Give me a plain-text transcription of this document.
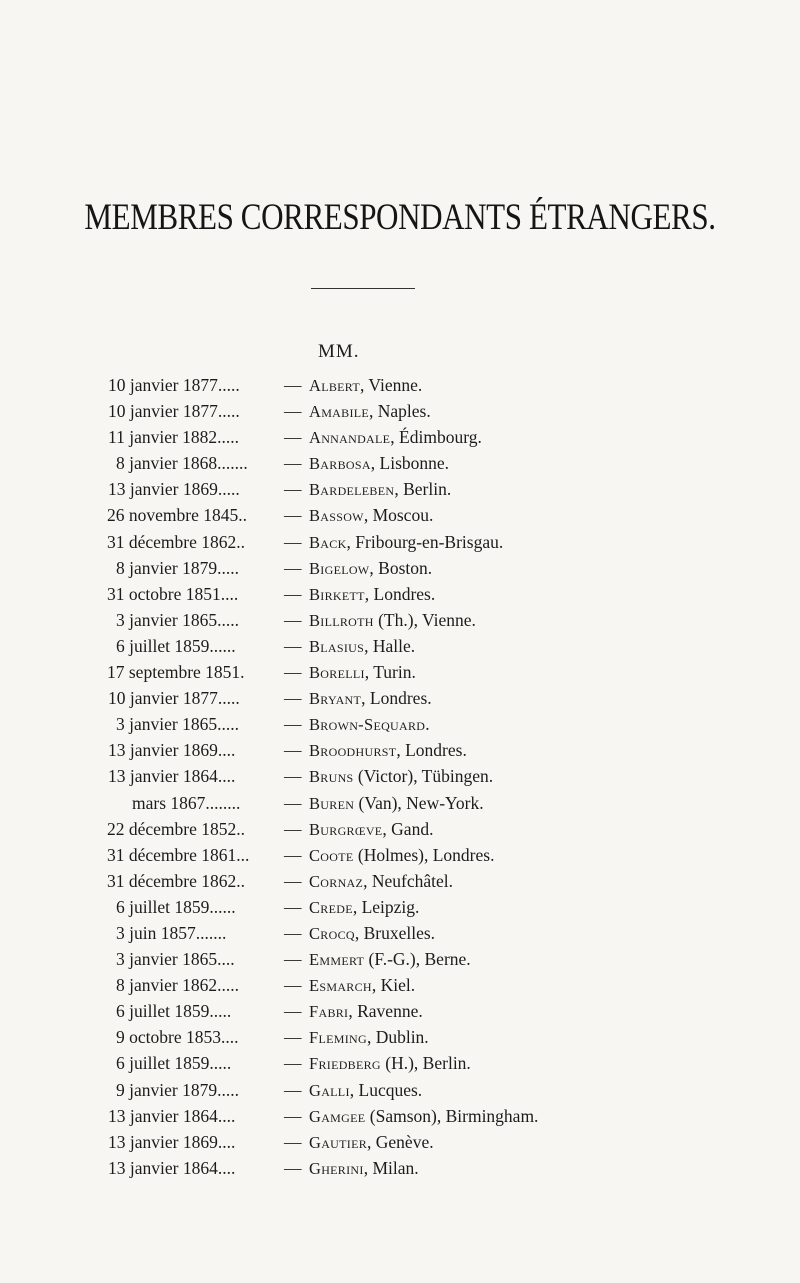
MEMBRES CORRESPONDANTS ÉTRANGERS.
MM.
10 janvier 1877.....	— Albert, Vienne.
10 janvier 1877.....	— Amabile, Naples.
11 janvier 1882.....	— Annandale, Édimbourg.
8 janvier 1868....... — Barbosa, Lisbonne.
13 janvier 1869.....	— Bardeleben, Berlin.
26 novembre 1845.. — Bassow, Moscou.
31 décembre 1862.. — Back, Fribourg-en-Brisgau.
8 janvier 1879.....	— Bigelow, Boston.
31 octobre 1851....	— Birkett, Londres.
3 janvier 1865.....	— Billroth (Th.), Vienne.
6 juillet 1859......	— Blasius, Halle.
17 septembre 1851. — Borelli, Turin.
10 janvier 1877.....	— Bryant, Londres.
3 janvier 1865.....	— Brown-Sequard.
13 janvier 1869....	— Broodhurst, Londres.
13 janvier 1864....	— Bruns (Victor), Tübingen.
mars 1867........ — Buren (Van), New-York.
22 décembre 1852.. — Burgrœve, Gand.
31 décembre 1861... — Coote (Holmes), Londres.
31 décembre 1862.. — Cornaz, Neufchâtel.
6 juillet 1859......	— Crede, Leipzig.
3 juin 1857.......	— Crocq, Bruxelles.
3 janvier 1865....	— Emmert (F.-G.), Berne.
8 janvier 1862.....	— Esmarch, Kiel.
6 juillet 1859.....	— Fabri, Ravenne.
9 octobre 1853....	— Fleming, Dublin.
6 juillet 1859.....	— Friedberg (H.), Berlin.
9 janvier 1879.....	— Galli, Lucques.
13 janvier 1864....	— Gamgee (Samson), Birmingham.
13 janvier 1869....	— Gautier, Genève.
13 janvier 1864....	— Gherini, Milan.
